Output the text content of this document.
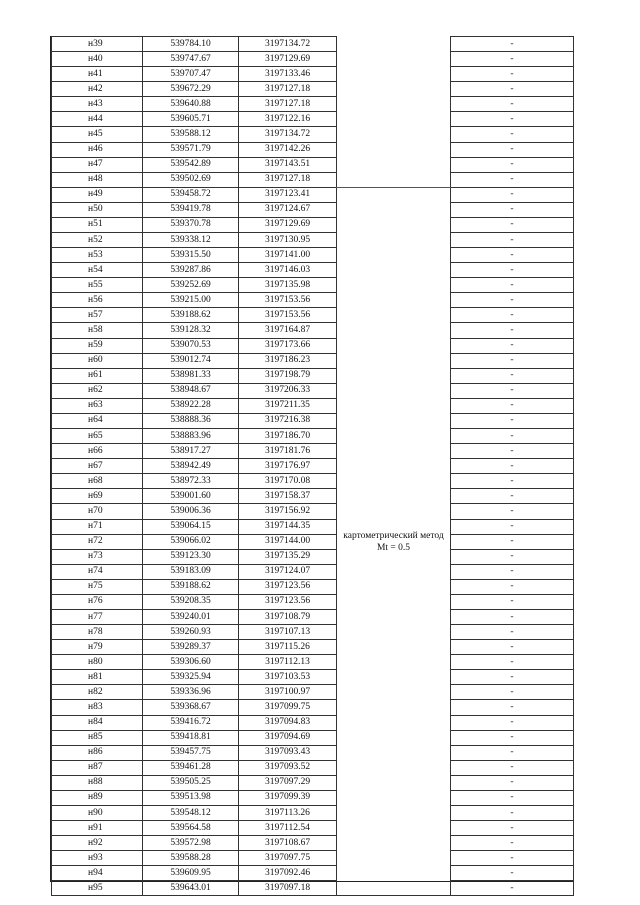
н39	539784.10	3197134.72		-
н40	539747.67	3197129.69		-
н41	539707.47	3197133.46		-
н42	539672.29	3197127.18		-
н43	539640.88	3197127.18		-
н44	539605.71	3197122.16		-
н45	539588.12	3197134.72		-
н46	539571.79	3197142.26		-
н47	539542.89	3197143.51		-
н48	539502.69	3197127.18		-
н49	539458.72	3197123.41	картометрический метод Mt = 0.5	-
н50	539419.78	3197124.67		-
н51	539370.78	3197129.69		-
н52	539338.12	3197130.95		-
н53	539315.50	3197141.00		-
н54	539287.86	3197146.03		-
н55	539252.69	3197135.98		-
н56	539215.00	3197153.56		-
н57	539188.62	3197153.56		-
н58	539128.32	3197164.87		-
н59	539070.53	3197173.66		-
н60	539012.74	3197186.23		-
н61	538981.33	3197198.79		-
н62	538948.67	3197206.33		-
н63	538922.28	3197211.35		-
н64	538888.36	3197216.38		-
н65	538883.96	3197186.70		-
н66	538917.27	3197181.76		-
н67	538942.49	3197176.97		-
н68	538972.33	3197170.08		-
н69	539001.60	3197158.37		-
н70	539006.36	3197156.92		-
н71	539064.15	3197144.35		-
н72	539066.02	3197144.00		-
н73	539123.30	3197135.29		-
н74	539183.09	3197124.07		-
н75	539188.62	3197123.56		-
н76	539208.35	3197123.56		-
н77	539240.01	3197108.79		-
н78	539260.93	3197107.13		-
н79	539289.37	3197115.26		-
н80	539306.60	3197112.13		-
н81	539325.94	3197103.53		-
н82	539336.96	3197100.97		-
н83	539368.67	3197099.75		-
н84	539416.72	3197094.83		-
н85	539418.81	3197094.69		-
н86	539457.75	3197093.43		-
н87	539461.28	3197093.52		-
н88	539505.25	3197097.29		-
н89	539513.98	3197099.39		-
н90	539548.12	3197113.26		-
н91	539564.58	3197112.54		-
н92	539572.98	3197108.67		-
н93	539588.28	3197097.75		-
н94	539609.95	3197092.46		-
н95	539643.01	3197097.18		-
